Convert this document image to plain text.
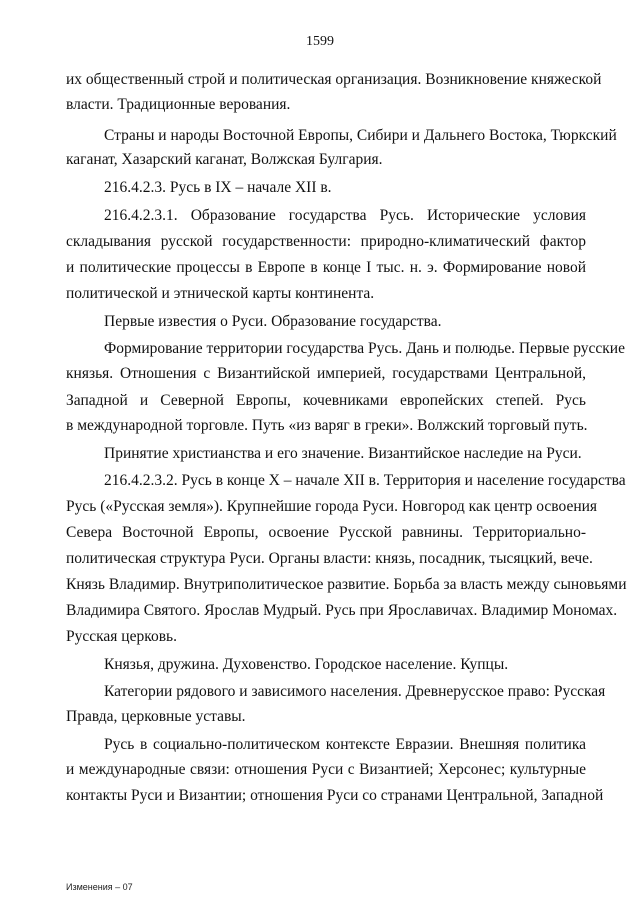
1599
их общественный строй и политическая организация. Возникновение княжеской
власти. Традиционные верования.
Страны и народы Восточной Европы, Сибири и Дальнего Востока, Тюркский
каганат, Хазарский каганат, Волжская Булгария.
216.4.2.3. Русь в IX – начале XII в.
216.4.2.3.1. Образование государства Русь. Исторические условия
складывания русской государственности: природно-климатический фактор
и политические процессы в Европе в конце I тыс. н. э. Формирование новой
политической и этнической карты континента.
Первые известия о Руси. Образование государства.
Формирование территории государства Русь. Дань и полюдье. Первые русские
князья. Отношения с Византийской империей, государствами Центральной,
Западной и Северной Европы, кочевниками европейских степей. Русь
в международной торговле. Путь «из варяг в греки». Волжский торговый путь.
Принятие христианства и его значение. Византийское наследие на Руси.
216.4.2.3.2. Русь в конце X – начале XII в. Территория и население государства
Русь («Русская земля»). Крупнейшие города Руси. Новгород как центр освоения
Севера Восточной Европы, освоение Русской равнины. Территориально-
политическая структура Руси. Органы власти: князь, посадник, тысяцкий, вече.
Князь Владимир. Внутриполитическое развитие. Борьба за власть между сыновьями
Владимира Святого. Ярослав Мудрый. Русь при Ярославичах. Владимир Мономах.
Русская церковь.
Князья, дружина. Духовенство. Городское население. Купцы.
Категории рядового и зависимого населения. Древнерусское право: Русская
Правда, церковные уставы.
Русь в социально-политическом контексте Евразии. Внешняя политика
и международные связи: отношения Руси с Византией; Херсонес; культурные
контакты Руси и Византии; отношения Руси со странами Центральной, Западной
Изменения – 07
